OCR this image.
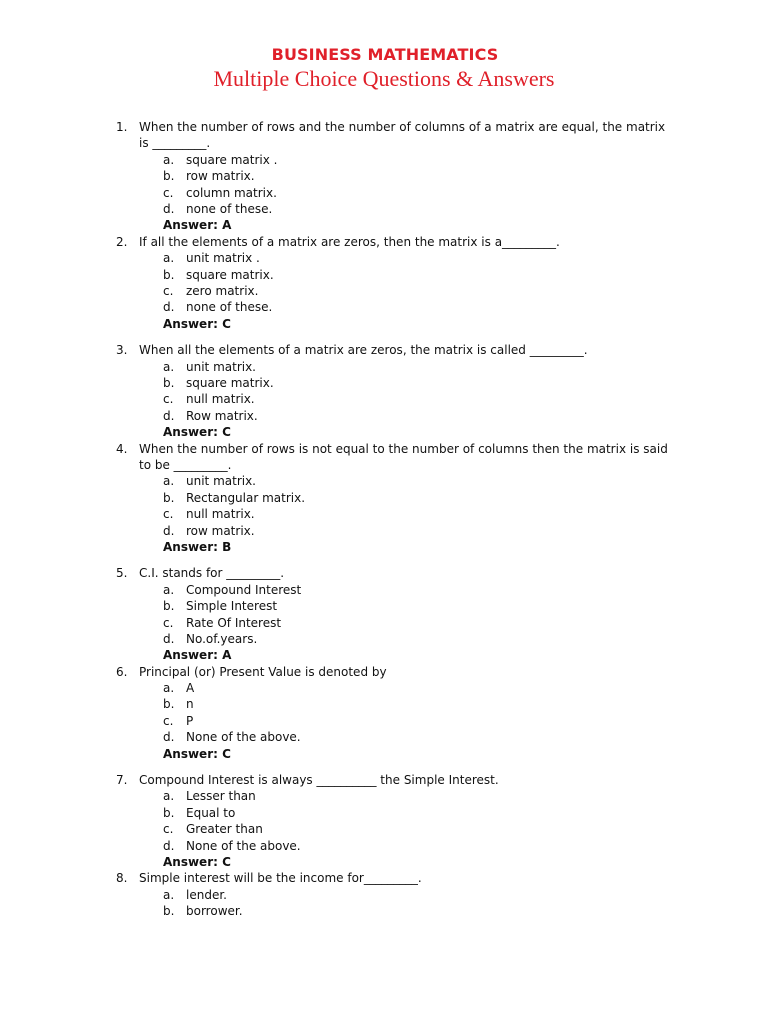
BUSINESS MATHEMATICS
Multiple Choice Questions & Answers
1. When the number of rows and the number of columns of a matrix are equal, the matrix is _________.
a. square matrix .
b. row matrix.
c. column matrix.
d. none of these.
Answer: A
2. If all the elements of a matrix are zeros, then the matrix is a_________.
a. unit matrix .
b. square matrix.
c. zero matrix.
d. none of these.
Answer: C
3. When all the elements of a matrix are zeros, the matrix is called _________.
a. unit matrix.
b. square matrix.
c. null matrix.
d. Row matrix.
Answer: C
4. When the number of rows is not equal to the number of columns then the matrix is said to be _________.
a. unit matrix.
b. Rectangular matrix.
c. null matrix.
d. row matrix.
Answer: B
5. C.I. stands for _________.
a. Compound Interest
b. Simple Interest
c. Rate Of Interest
d. No.of.years.
Answer: A
6. Principal (or) Present Value is denoted by
a. A
b. n
c. P
d. None of the above.
Answer: C
7. Compound Interest is always __________ the Simple Interest.
a. Lesser than
b. Equal to
c. Greater than
d. None of the above.
Answer: C
8. Simple interest will be the income for_________.
a. lender.
b. borrower.
